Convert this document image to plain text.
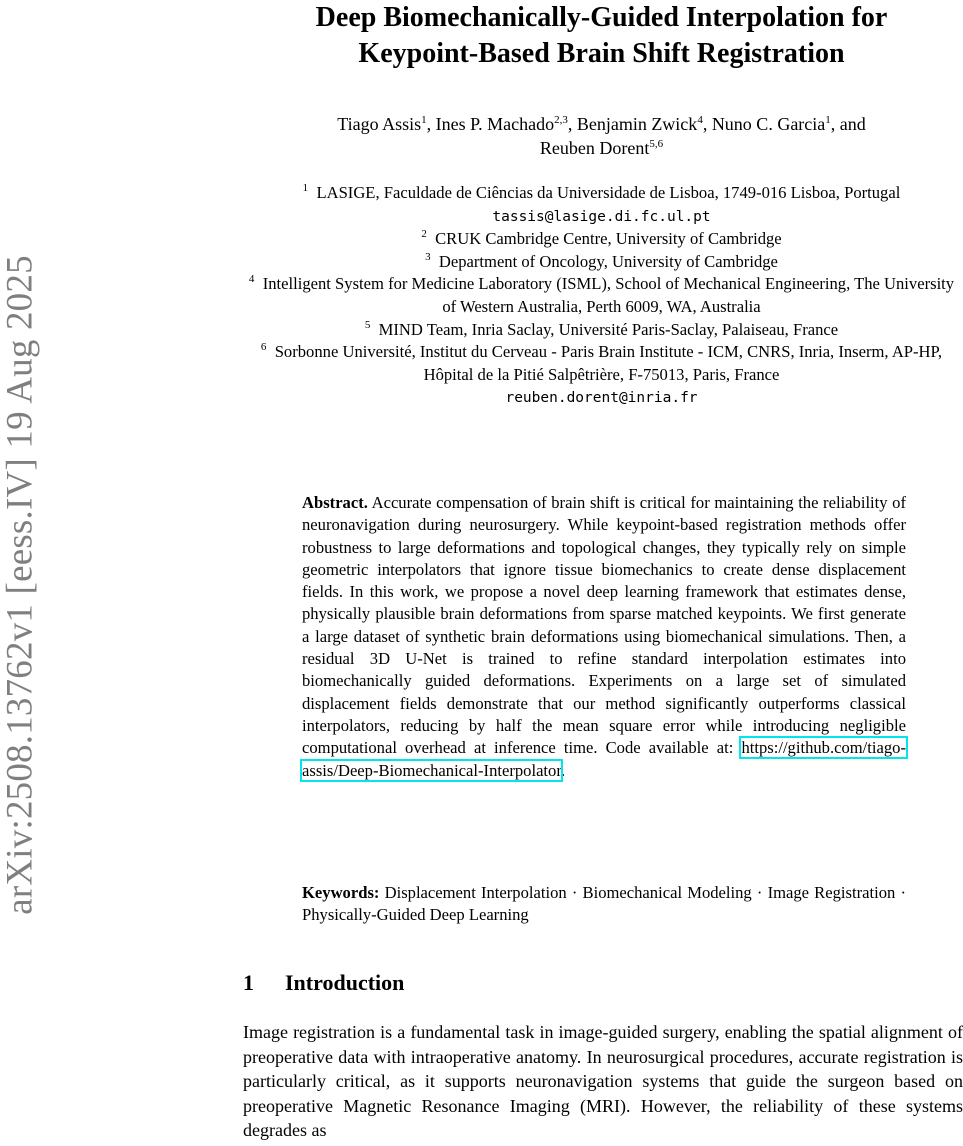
arXiv:2508.13762v1 [eess.IV] 19 Aug 2025
Deep Biomechanically-Guided Interpolation for
Keypoint-Based Brain Shift Registration
Tiago Assis$^1$, Ines P. Machado$^{2,3}$, Benjamin Zwick$^4$, Nuno C. Garcia$^1$, and
Reuben Dorent$^{5,6}$
$^1$ LASIGE, Faculdade de Ciências da Universidade de Lisboa, 1749-016 Lisboa, Portugal
tassis@lasige.di.fc.ul.pt
$^2$ CRUK Cambridge Centre, University of Cambridge
$^3$ Department of Oncology, University of Cambridge
$^4$ Intelligent System for Medicine Laboratory (ISML), School of Mechanical Engineering, The University of Western Australia, Perth 6009, WA, Australia
$^5$ MIND Team, Inria Saclay, Université Paris-Saclay, Palaiseau, France
$^6$ Sorbonne Université, Institut du Cerveau - Paris Brain Institute - ICM, CNRS, Inria, Inserm, AP-HP, Hôpital de la Pitié Salpêtrière, F-75013, Paris, France
reuben.dorent@inria.fr
Abstract. Accurate compensation of brain shift is critical for maintaining the reliability of neuronavigation during neurosurgery. While keypoint-based registration methods offer robustness to large deformations and topological changes, they typically rely on simple geometric interpolators that ignore tissue biomechanics to create dense displacement fields. In this work, we propose a novel deep learning framework that estimates dense, physically plausible brain deformations from sparse matched keypoints. We first generate a large dataset of synthetic brain deformations using biomechanical simulations. Then, a residual 3D U-Net is trained to refine standard interpolation estimates into biomechanically guided deformations. Experiments on a large set of simulated displacement fields demonstrate that our method significantly outperforms classical interpolators, reducing by half the mean square error while introducing negligible computational overhead at inference time. Code available at: https://github.com/tiago-assis/Deep-Biomechanical-Interpolator.
Keywords: Displacement Interpolation · Biomechanical Modeling · Image Registration · Physically-Guided Deep Learning
1 Introduction
Image registration is a fundamental task in image-guided surgery, enabling the spatial alignment of preoperative data with intraoperative anatomy. In neurosurgical procedures, accurate registration is particularly critical, as it supports neuronavigation systems that guide the surgeon based on preoperative Magnetic Resonance Imaging (MRI). However, the reliability of these systems degrades as
